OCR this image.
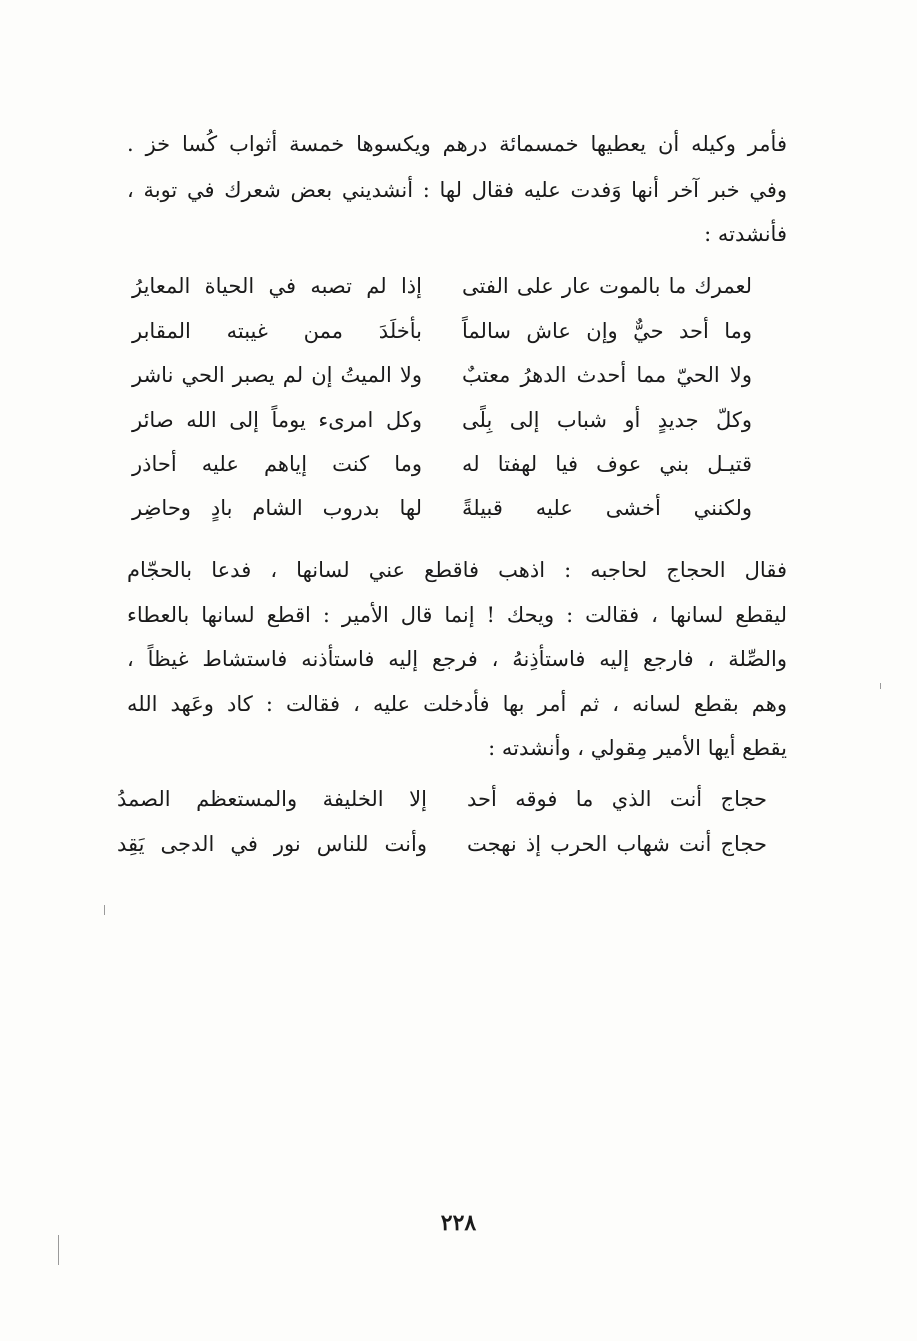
فأمر وكيله أن يعطيها خمسمائة درهم ويكسوها خمسة أثواب كُسا خز .
وفي خبر آخر أنها وَفدت عليه فقال لها : أنشديني بعض شعرك في توبة ،
فأنشدته :
لعمرك ما بالموت عار على الفتى
إذا لم تصبه في الحياة المعايرُ
وما أحد حيٌّ وإن عاش سالماً
بأخلَدَ ممن غيبته المقابر
ولا الحيّ مما أحدث الدهرُ معتبٌ
ولا الميتُ إن لم يصبر الحي ناشر
وكلّ جديدٍ أو شباب إلى بِلًى
وكل امرىء يوماً إلى الله صائر
قتيـل بني عوف فيا لهفتا له
وما كنت إياهم عليه أحاذر
ولكنني أخشى عليه قبيلةً
لها بدروب الشام بادٍ وحاضِر
فقال الحجاج لحاجبه : اذهب فاقطع عني لسانها ، فدعا بالحجّام
ليقطع لسانها ، فقالت : ويحك ! إنما قال الأمير : اقطع لسانها بالعطاء
والصِّلة ، فارجع إليه فاستأذِنهُ ، فرجع إليه فاستأذنه فاستشاط غيظاً ،
وهم بقطع لسانه ، ثم أمر بها فأدخلت عليه ، فقالت : كاد وعَهد الله
يقطع أيها الأمير مِقولي ، وأنشدته :
حجاج أنت الذي ما فوقه أحد
إلا الخليفة والمستعظم الصمدُ
حجاج أنت شهاب الحرب إذ نهجت
وأنت للناس نور في الدجى يَقِد
٢٢٨
